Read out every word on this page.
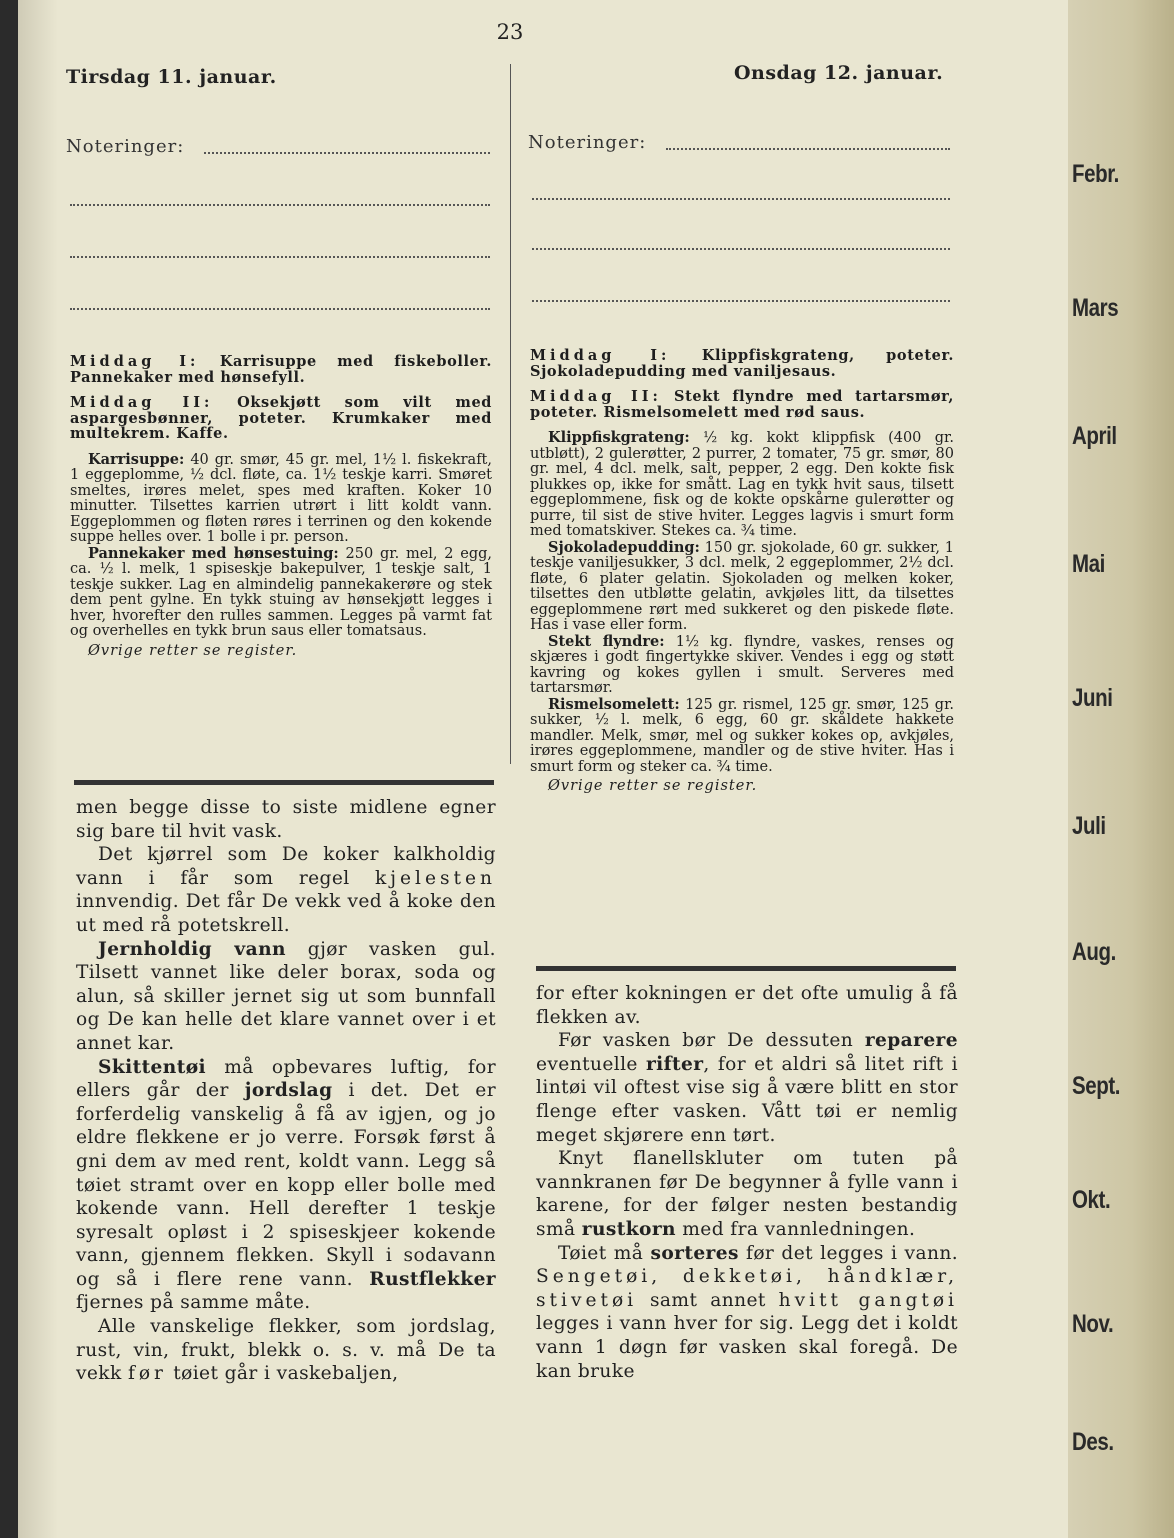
Febr.
Mars
April
Mai
Juni
Juli
Aug.
Sept.
Okt.
Nov.
Des.
23
Tirsdag 11. januar.
Noteringer:

Middag I: Karrisuppe med fiskeboller. Pannekaker med hønsefyll.

Middag II: Oksekjøtt som vilt med aspargesbønner, poteter. Krumkaker med multekrem. Kaffe.

Karrisuppe: 40 gr. smør, 45 gr. mel, 1½ l. fiskekraft, 1 eggeplomme, ½ dcl. fløte, ca. 1½ teskje karri. Smøret smeltes, irøres melet, spes med kraften. Koker 10 minutter. Tilsettes karrien utrørt i litt koldt vann. Eggeplommen og fløten røres i terrinen og den kokende suppe helles over. 1 bolle i pr. person.

Pannekaker med hønsestuing: 250 gr. mel, 2 egg, ca. ½ l. melk, 1 spiseskje bakepulver, 1 teskje salt, 1 teskje sukker. Lag en almindelig pannekakerøre og stek dem pent gylne. En tykk stuing av hønsekjøtt legges i hver, hvorefter den rulles sammen. Legges på varmt fat og overhelles en tykk brun saus eller tomatsaus.

Øvrige retter se register.

men begge disse to siste midlene egner sig bare til hvit vask.

Det kjørrel som De koker kalkholdig vann i får som regel kjelesten innvendig. Det får De vekk ved å koke den ut med rå potetskrell.

Jernholdig vann gjør vasken gul. Tilsett vannet like deler borax, soda og alun, så skiller jernet sig ut som bunnfall og De kan helle det klare vannet over i et annet kar.

Skittentøi må opbevares luftig, for ellers går der jordslag i det. Det er forferdelig vanskelig å få av igjen, og jo eldre flekkene er jo verre. Forsøk først å gni dem av med rent, koldt vann. Legg så tøiet stramt over en kopp eller bolle med kokende vann. Hell derefter 1 teskje syresalt opløst i 2 spiseskjeer kokende vann, gjennem flekken. Skyll i sodavann og så i flere rene vann. Rustflekker fjernes på samme måte.

Alle vanskelige flekker, som jordslag, rust, vin, frukt, blekk o. s. v. må De ta vekk før tøiet går i vaskebaljen,

Onsdag 12. januar.
Noteringer:

Middag I: Klippfiskgrateng, poteter. Sjokoladepudding med vaniljesaus.

Middag II: Stekt flyndre med tartarsmør, poteter. Rismelsomelett med rød saus.

Klippfiskgrateng: ½ kg. kokt klippfisk (400 gr. utbløtt), 2 gulerøtter, 2 purrer, 2 tomater, 75 gr. smør, 80 gr. mel, 4 dcl. melk, salt, pepper, 2 egg. Den kokte fisk plukkes op, ikke for smått. Lag en tykk hvit saus, tilsett eggeplommene, fisk og de kokte opskårne gulerøtter og purre, til sist de stive hviter. Legges lagvis i smurt form med tomatskiver. Stekes ca. ¾ time.

Sjokoladepudding: 150 gr. sjokolade, 60 gr. sukker, 1 teskje vaniljesukker, 3 dcl. melk, 2 eggeplommer, 2½ dcl. fløte, 6 plater gelatin. Sjokoladen og melken koker, tilsettes den utbløtte gelatin, avkjøles litt, da tilsettes eggeplommene rørt med sukkeret og den piskede fløte. Has i vase eller form.

Stekt flyndre: 1½ kg. flyndre, vaskes, renses og skjæres i godt fingertykke skiver. Vendes i egg og støtt kavring og kokes gyllen i smult. Serveres med tartarsmør.

Rismelsomelett: 125 gr. rismel, 125 gr. smør, 125 gr. sukker, ½ l. melk, 6 egg, 60 gr. skåldete hakkete mandler. Melk, smør, mel og sukker kokes op, avkjøles, irøres eggeplommene, mandler og de stive hviter. Has i smurt form og steker ca. ¾ time.

Øvrige retter se register.

for efter kokningen er det ofte umulig å få flekken av.

Før vasken bør De dessuten reparere eventuelle rifter, for et aldri så litet rift i lintøi vil oftest vise sig å være blitt en stor flenge efter vasken. Vått tøi er nemlig meget skjørere enn tørt.

Knyt flanellskluter om tuten på vannkranen før De begynner å fylle vann i karene, for der følger nesten bestandig små rustkorn med fra vannledningen.

Tøiet må sorteres før det legges i vann. Sengetøi, dekketøi, håndklær, stivetøi samt annet hvitt gangtøi legges i vann hver for sig. Legg det i koldt vann 1 døgn før vasken skal foregå. De kan bruke
